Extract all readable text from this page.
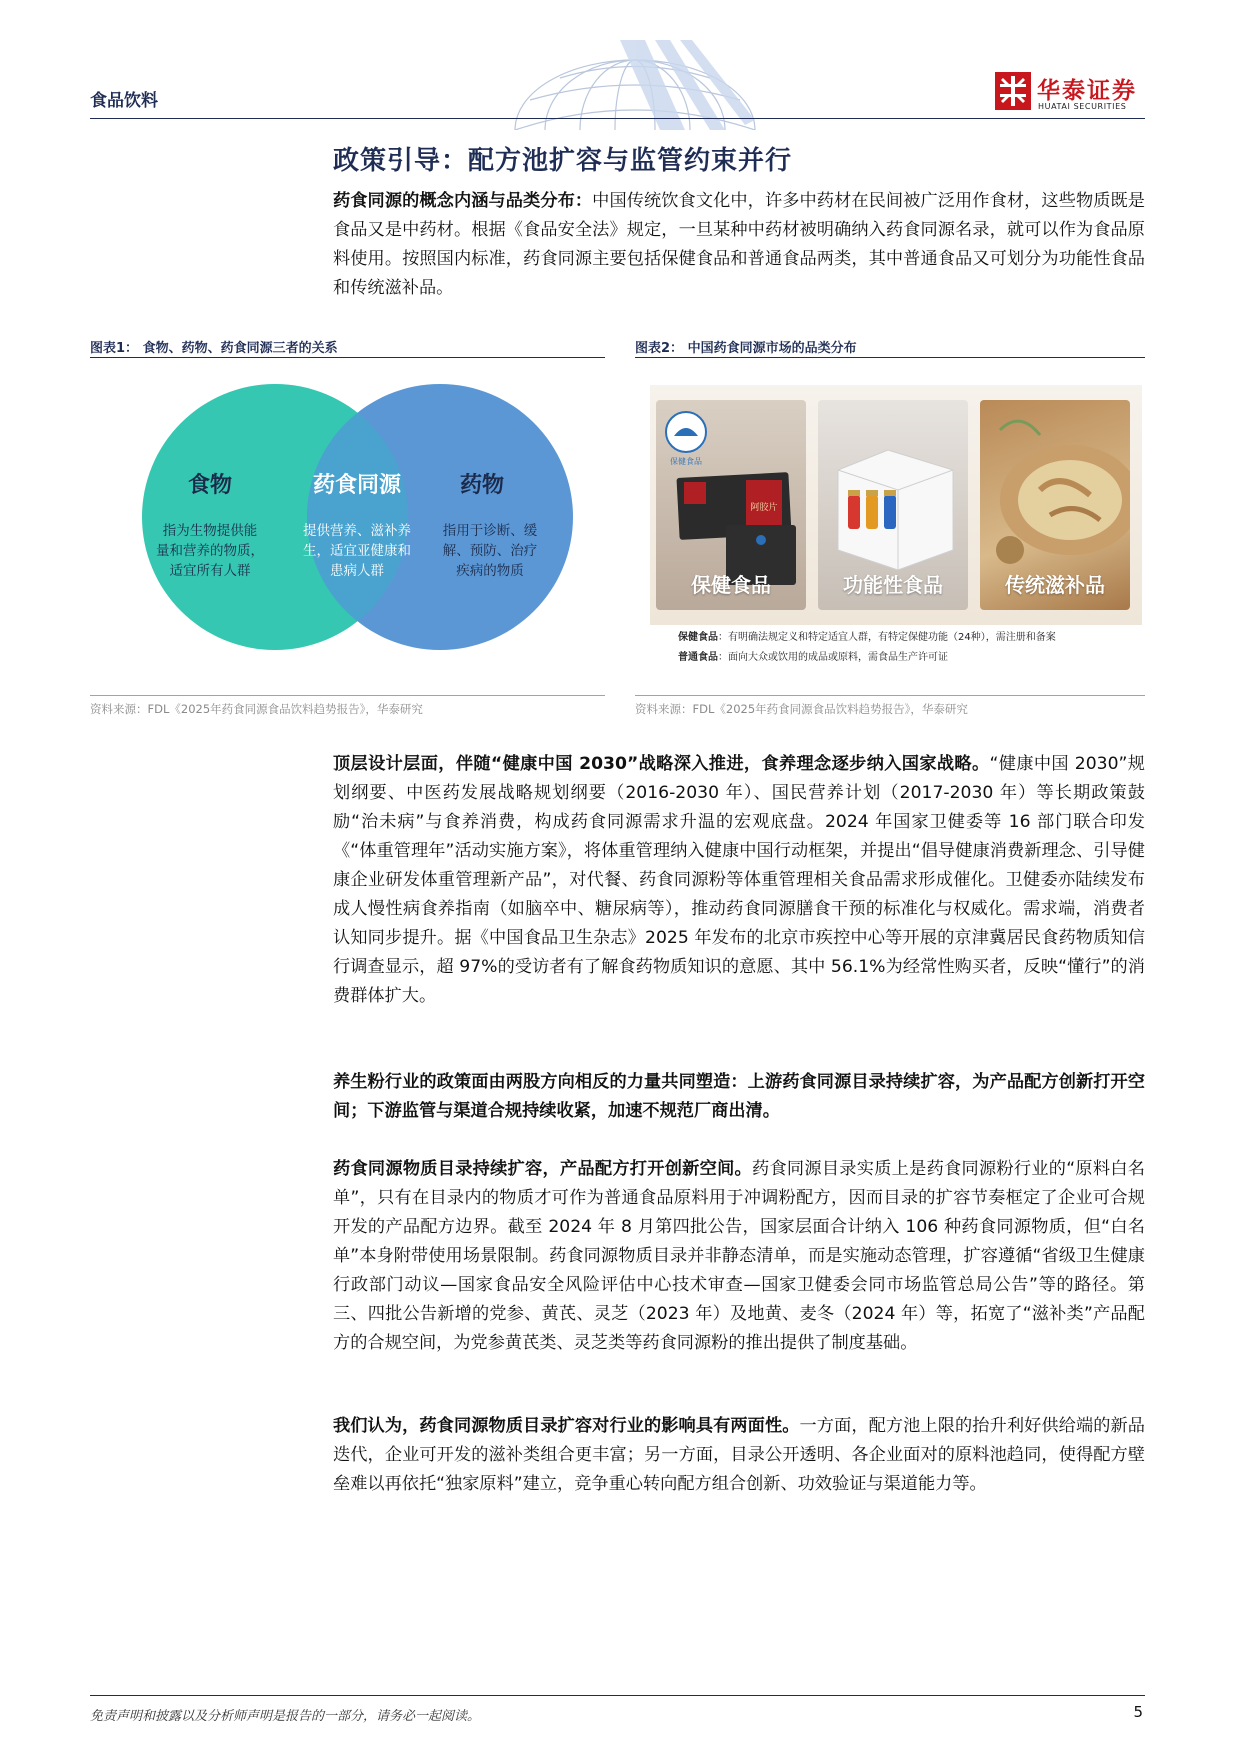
食品饮料	华泰证券
HUATAI SECURITIES
政策引导：配方池扩容与监管约束并行
药食同源的概念内涵与品类分布：中国传统饮食文化中，许多中药材在民间被广泛用作食材，这些物质既是食品又是中药材。根据《食品安全法》规定，一旦某种中药材被明确纳入药食同源名录，就可以作为食品原料使用。按照国内标准，药食同源主要包括保健食品和普通食品两类，其中普通食品又可划分为功能性食品和传统滋补品。
图表1： 食物、药物、药食同源三者的关系
食物	药食同源	药物
指为生物提供能
量和营养的物质，
适宜所有人群
提供营养、滋补养
生，适宜亚健康和
患病人群
指用于诊断、缓
解、预防、治疗
疾病的物质
资料来源：FDL《2025年药食同源食品饮料趋势报告》，华泰研究
图表2： 中国药食同源市场的品类分布
保健食品
阿胶片
保健食品	功能性食品	传统滋补品
保健食品：有明确法规定义和特定适宜人群，有特定保健功能（24种），需注册和备案
普通食品：面向大众或饮用的成品或原料，需食品生产许可证
资料来源：FDL《2025年药食同源食品饮料趋势报告》，华泰研究
顶层设计层面，伴随“健康中国 2030”战略深入推进，食养理念逐步纳入国家战略。“健康中国 2030”规划纲要、中医药发展战略规划纲要（2016-2030 年）、国民营养计划（2017-2030 年）等长期政策鼓励“治未病”与食养消费，构成药食同源需求升温的宏观底盘。2024 年国家卫健委等 16 部门联合印发《“体重管理年”活动实施方案》，将体重管理纳入健康中国行动框架，并提出“倡导健康消费新理念、引导健康企业研发体重管理新产品”，对代餐、药食同源粉等体重管理相关食品需求形成催化。卫健委亦陆续发布成人慢性病食养指南（如脑卒中、糖尿病等），推动药食同源膳食干预的标准化与权威化。需求端，消费者认知同步提升。据《中国食品卫生杂志》2025 年发布的北京市疾控中心等开展的京津冀居民食药物质知信行调查显示，超 97%的受访者有了解食药物质知识的意愿、其中 56.1%为经常性购买者，反映“懂行”的消费群体扩大。
养生粉行业的政策面由两股方向相反的力量共同塑造：上游药食同源目录持续扩容，为产品配方创新打开空间；下游监管与渠道合规持续收紧，加速不规范厂商出清。
药食同源物质目录持续扩容，产品配方打开创新空间。药食同源目录实质上是药食同源粉行业的“原料白名单”，只有在目录内的物质才可作为普通食品原料用于冲调粉配方，因而目录的扩容节奏框定了企业可合规开发的产品配方边界。截至 2024 年 8 月第四批公告，国家层面合计纳入 106 种药食同源物质，但“白名单”本身附带使用场景限制。药食同源物质目录并非静态清单，而是实施动态管理，扩容遵循“省级卫生健康行政部门动议—国家食品安全风险评估中心技术审查—国家卫健委会同市场监管总局公告”等的路径。第三、四批公告新增的党参、黄芪、灵芝（2023 年）及地黄、麦冬（2024 年）等，拓宽了“滋补类”产品配方的合规空间，为党参黄芪类、灵芝类等药食同源粉的推出提供了制度基础。
我们认为，药食同源物质目录扩容对行业的影响具有两面性。一方面，配方池上限的抬升利好供给端的新品迭代，企业可开发的滋补类组合更丰富；另一方面，目录公开透明、各企业面对的原料池趋同，使得配方壁垒难以再依托“独家原料”建立，竞争重心转向配方组合创新、功效验证与渠道能力等。
免责声明和披露以及分析师声明是报告的一部分，请务必一起阅读。	5
